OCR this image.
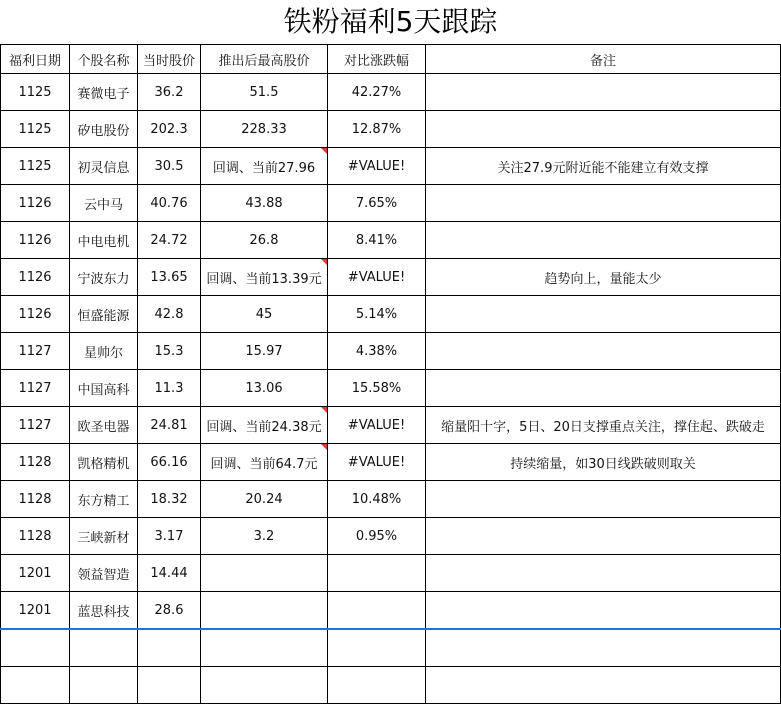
铁粉福利5天跟踪
福利日期	个股名称	当时股价	推出后最高股价	对比涨跌幅	备注
1125	赛微电子	36.2	51.5	42.27%	
1125	矽电股份	202.3	228.33	12.87%	
1125	初灵信息	30.5	回调、当前27.96	#VALUE!	关注27.9元附近能不能建立有效支撑
1126	云中马	40.76	43.88	7.65%	
1126	中电电机	24.72	26.8	8.41%	
1126	宁波东力	13.65	回调、当前13.39元	#VALUE!	趋势向上，量能太少
1126	恒盛能源	42.8	45	5.14%	
1127	星帅尔	15.3	15.97	4.38%	
1127	中国高科	11.3	13.06	15.58%	
1127	欧圣电器	24.81	回调、当前24.38元	#VALUE!	缩量阳十字，5日、20日支撑重点关注，撑住起、跌破走
1128	凯格精机	66.16	回调、当前64.7元	#VALUE!	持续缩量，如30日线跌破则取关
1128	东方精工	18.32	20.24	10.48%	
1128	三峡新材	3.17	3.2	0.95%	
1201	领益智造	14.44			
1201	蓝思科技	28.6			
